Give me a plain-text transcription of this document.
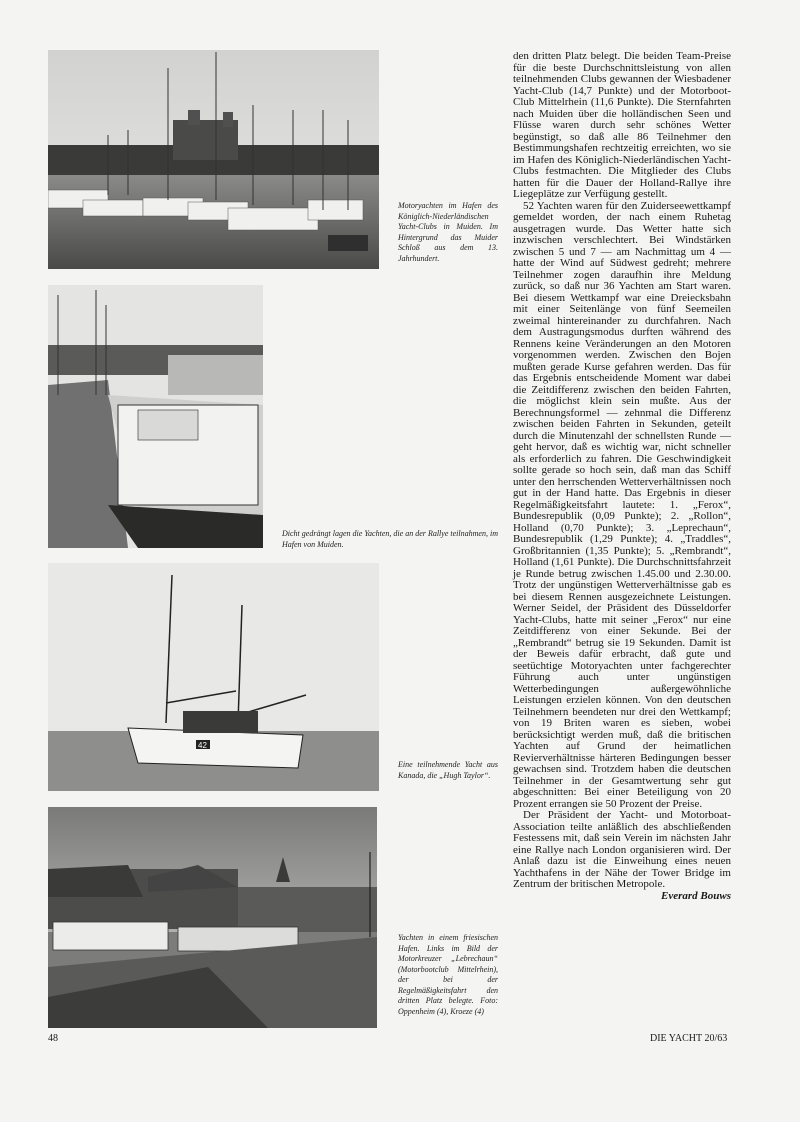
Motoryachten im Hafen des Königlich-Niederländischen Yacht-Clubs in Muiden. Im Hintergrund das Muider Schloß aus dem 13. Jahrhundert.
Dicht gedrängt lagen die Yachten, die an der Rallye teilnahmen, im Hafen von Muiden.
42
Eine teilnehmende Yacht aus Kanada, die „Hugh Taylor“.
Yachten in einem friesischen Hafen. Links im Bild der Motorkreuzer „Lebrechaun“ (Motorbootclub Mittelrhein), der bei der Regelmäßigkeitsfahrt den dritten Platz belegte. Foto: Oppenheim (4), Kroeze (4)

den dritten Platz belegt. Die beiden Team-Preise für die beste Durchschnittsleistung von allen teilnehmenden Clubs gewannen der Wiesbadener Yacht-Club (14,7 Punkte) und der Motorboot-Club Mittelrhein (11,6 Punkte). Die Sternfahrten nach Muiden über die holländischen Seen und Flüsse waren durch sehr schönes Wetter begünstigt, so daß alle 86 Teilnehmer den Bestimmungshafen rechtzeitig erreichten, wo sie im Hafen des Königlich-Niederländischen Yacht-Clubs festmachten. Die Mitglieder des Clubs hatten für die Dauer der Holland-Rallye ihre Liegeplätze zur Verfügung gestellt.

52 Yachten waren für den Zuiderseewettkampf gemeldet worden, der nach einem Ruhetag ausgetragen wurde. Das Wetter hatte sich inzwischen verschlechtert. Bei Windstärken zwischen 5 und 7 — am Nachmittag um 4 — hatte der Wind auf Südwest gedreht; mehrere Teilnehmer zogen daraufhin ihre Meldung zurück, so daß nur 36 Yachten am Start waren. Bei diesem Wettkampf war eine Dreiecksbahn mit einer Seitenlänge von fünf Seemeilen zweimal hintereinander zu durchfahren. Nach dem Austragungsmodus durften während des Rennens keine Veränderungen an den Motoren vorgenommen werden. Zwischen den Bojen mußten gerade Kurse gefahren werden. Das für das Ergebnis entscheidende Moment war dabei die Zeitdifferenz zwischen den beiden Fahrten, die möglichst klein sein mußte. Aus der Berechnungsformel — zehnmal die Differenz zwischen beiden Fahrten in Sekunden, geteilt durch die Minutenzahl der schnellsten Runde — geht hervor, daß es wichtig war, nicht schneller als erforderlich zu fahren. Die Geschwindigkeit sollte gerade so hoch sein, daß man das Schiff unter den herrschenden Wetterverhältnissen noch gut in der Hand hatte. Das Ergebnis in dieser Regelmäßigkeitsfahrt lautete: 1. „Ferox“, Bundesrepublik (0,09 Punkte); 2. „Rollon“, Holland (0,70 Punkte); 3. „Leprechaun“, Bundesrepublik (1,29 Punkte); 4. „Traddles“, Großbritannien (1,35 Punkte); 5. „Rembrandt“, Holland (1,61 Punkte). Die Durchschnittsfahrzeit je Runde betrug zwischen 1.45.00 und 2.30.00. Trotz der ungünstigen Wetterverhältnisse gab es bei diesem Rennen ausgezeichnete Leistungen. Werner Seidel, der Präsident des Düsseldorfer Yacht-Clubs, hatte mit seiner „Ferox“ nur eine Zeitdifferenz von einer Sekunde. Bei der „Rembrandt“ betrug sie 19 Sekunden. Damit ist der Beweis dafür erbracht, daß gute und seetüchtige Motoryachten unter fachgerechter Führung auch unter ungünstigen Wetterbedingungen außergewöhnliche Leistungen erzielen können. Von den deutschen Teilnehmern beendeten nur drei den Wettkampf; von 19 Briten waren es sieben, wobei berücksichtigt werden muß, daß die britischen Yachten auf Grund der heimatlichen Revierverhältnisse härteren Bedingungen besser gewachsen sind. Trotzdem haben die deutschen Teilnehmer in der Gesamtwertung sehr gut abgeschnitten: Bei einer Beteiligung von 20 Prozent errangen sie 50 Prozent der Preise.

Der Präsident der Yacht- und Motorboat-Association teilte anläßlich des abschließenden Festessens mit, daß sein Verein im nächsten Jahr eine Rallye nach London organisieren wird. Der Anlaß dazu ist die Einweihung eines neuen Yachthafens in der Nähe der Tower Bridge im Zentrum der britischen Metropole.

Everard Bouws

48	DIE YACHT 20/63
